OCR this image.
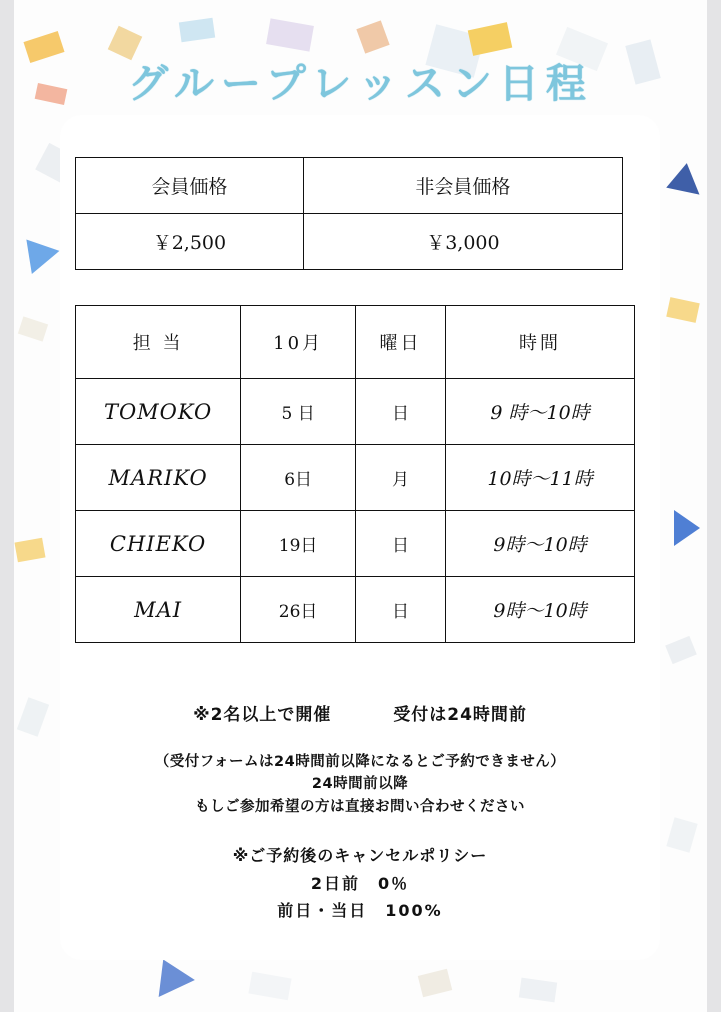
グループレッスン日程
会員価格	非会員価格
￥2,500	￥3,000
担 当	10月	曜日	時間
TOMOKO	5 日	日	9 時〜10時
MARIKO	6日	月	10時〜11時
CHIEKO	19日	日	9時〜10時
MAI	26日	日	9時〜10時
※2名以上で開催	受付は24時間前
（受付フォームは24時間前以降になるとご予約できません）
24時間前以降
もしご参加希望の方は直接お問い合わせください
※ご予約後のキャンセルポリシー
2日前　0％
前日・当日　100%
